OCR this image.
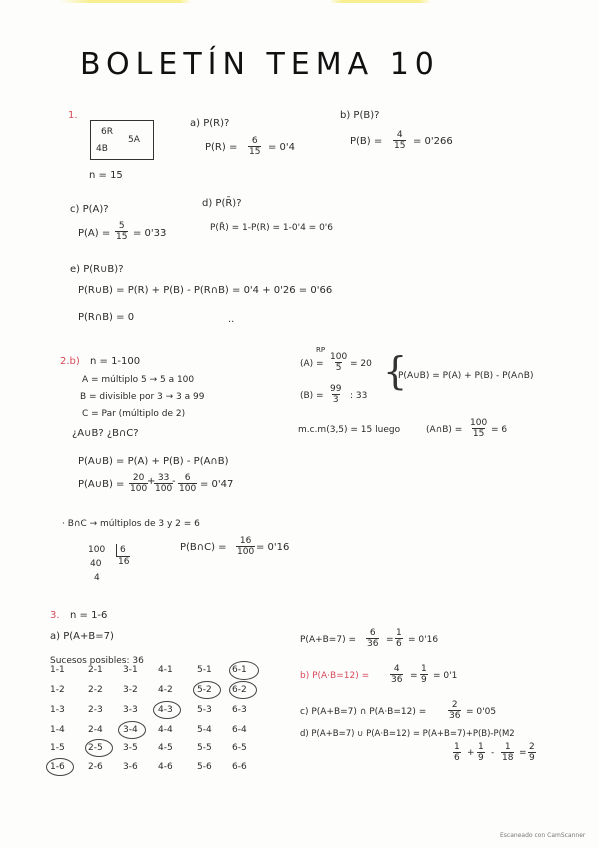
BOLETÍN TEMA 10
1.
6R
5A
4B
n = 15
a) P(R)?
$P(R) = \frac{6}{15} = 0'4$
b) P(B)?
$P(B) = \frac{4}{15} = 0'266$
c) P(A)?
$P(A) = \frac{5}{15} = 0'33$
d) P(R̄)?
P(R̄) = 1-P(R) = 1-0'4 = 0'6
e) P(R∪B)?
P(R∪B) = P(R) + P(B) - P(R∩B) = 0'4 + 0'26 = 0'66
P(R∩B) = 0	..
2.b) n = 1-100
A = múltiplo 5 → 5 a 100
B = divisible por 3 → 3 a 99
C = Par (múltiplo de 2)
¿A∪B? ¿B∩C?
P(A∪B) = P(A) + P(B) - P(A∩B)
P(A∪B) = $\frac{20}{100}$
+
$\frac{33}{100}$
- $\frac{6}{100} = 0'47$
RP
$(A) = \frac{100}{5} = 20$
$(B) = \frac{99}{3}$ : 33
{
P(A∪B) = P(A) + P(B) - P(A∩B)
m.c.m(3,5) = 15 luego	(A∩B) = $\frac{100}{15} = 6$
· B∩C → múltiplos de 3 y 2 = 6
100	6
40 16
4
P(B∩C) = $\frac{16}{100} = 0'16$
3. n = 1-6
a) P(A+B=7)
Sucesos posibles: 36
1-1	2-1 3-1 4-1	5-1 6-1
1-2	2-2 3-2 4-2	5-2 6-2
1-3	2-3 3-3 4-3	5-3 6-3
1-4	2-4 3-4 4-4	5-4 6-4
1-5	2-5 3-5 4-5	5-5 6-5
1-6	2-6 3-6 4-6	5-6 6-6
$P(A+B=7) = \frac{6}{36} = \frac{1}{6} = 0'16$
b) $P(A\cdot B=12) = \frac{4}{36} = \frac{1}{9} = 0'1$
c) P(A+B=7) ∩ $P(A\cdot B=12) = \frac{2}{36} = 0'05$
d) P(A+B=7) ∪ P(A·B=12) = P(A+B=7)+P(B)-P(M2
$\frac{1}{6} + \frac{1}{9} - \frac{1}{18} = \frac{2}{9}$
Escaneado con CamScanner
